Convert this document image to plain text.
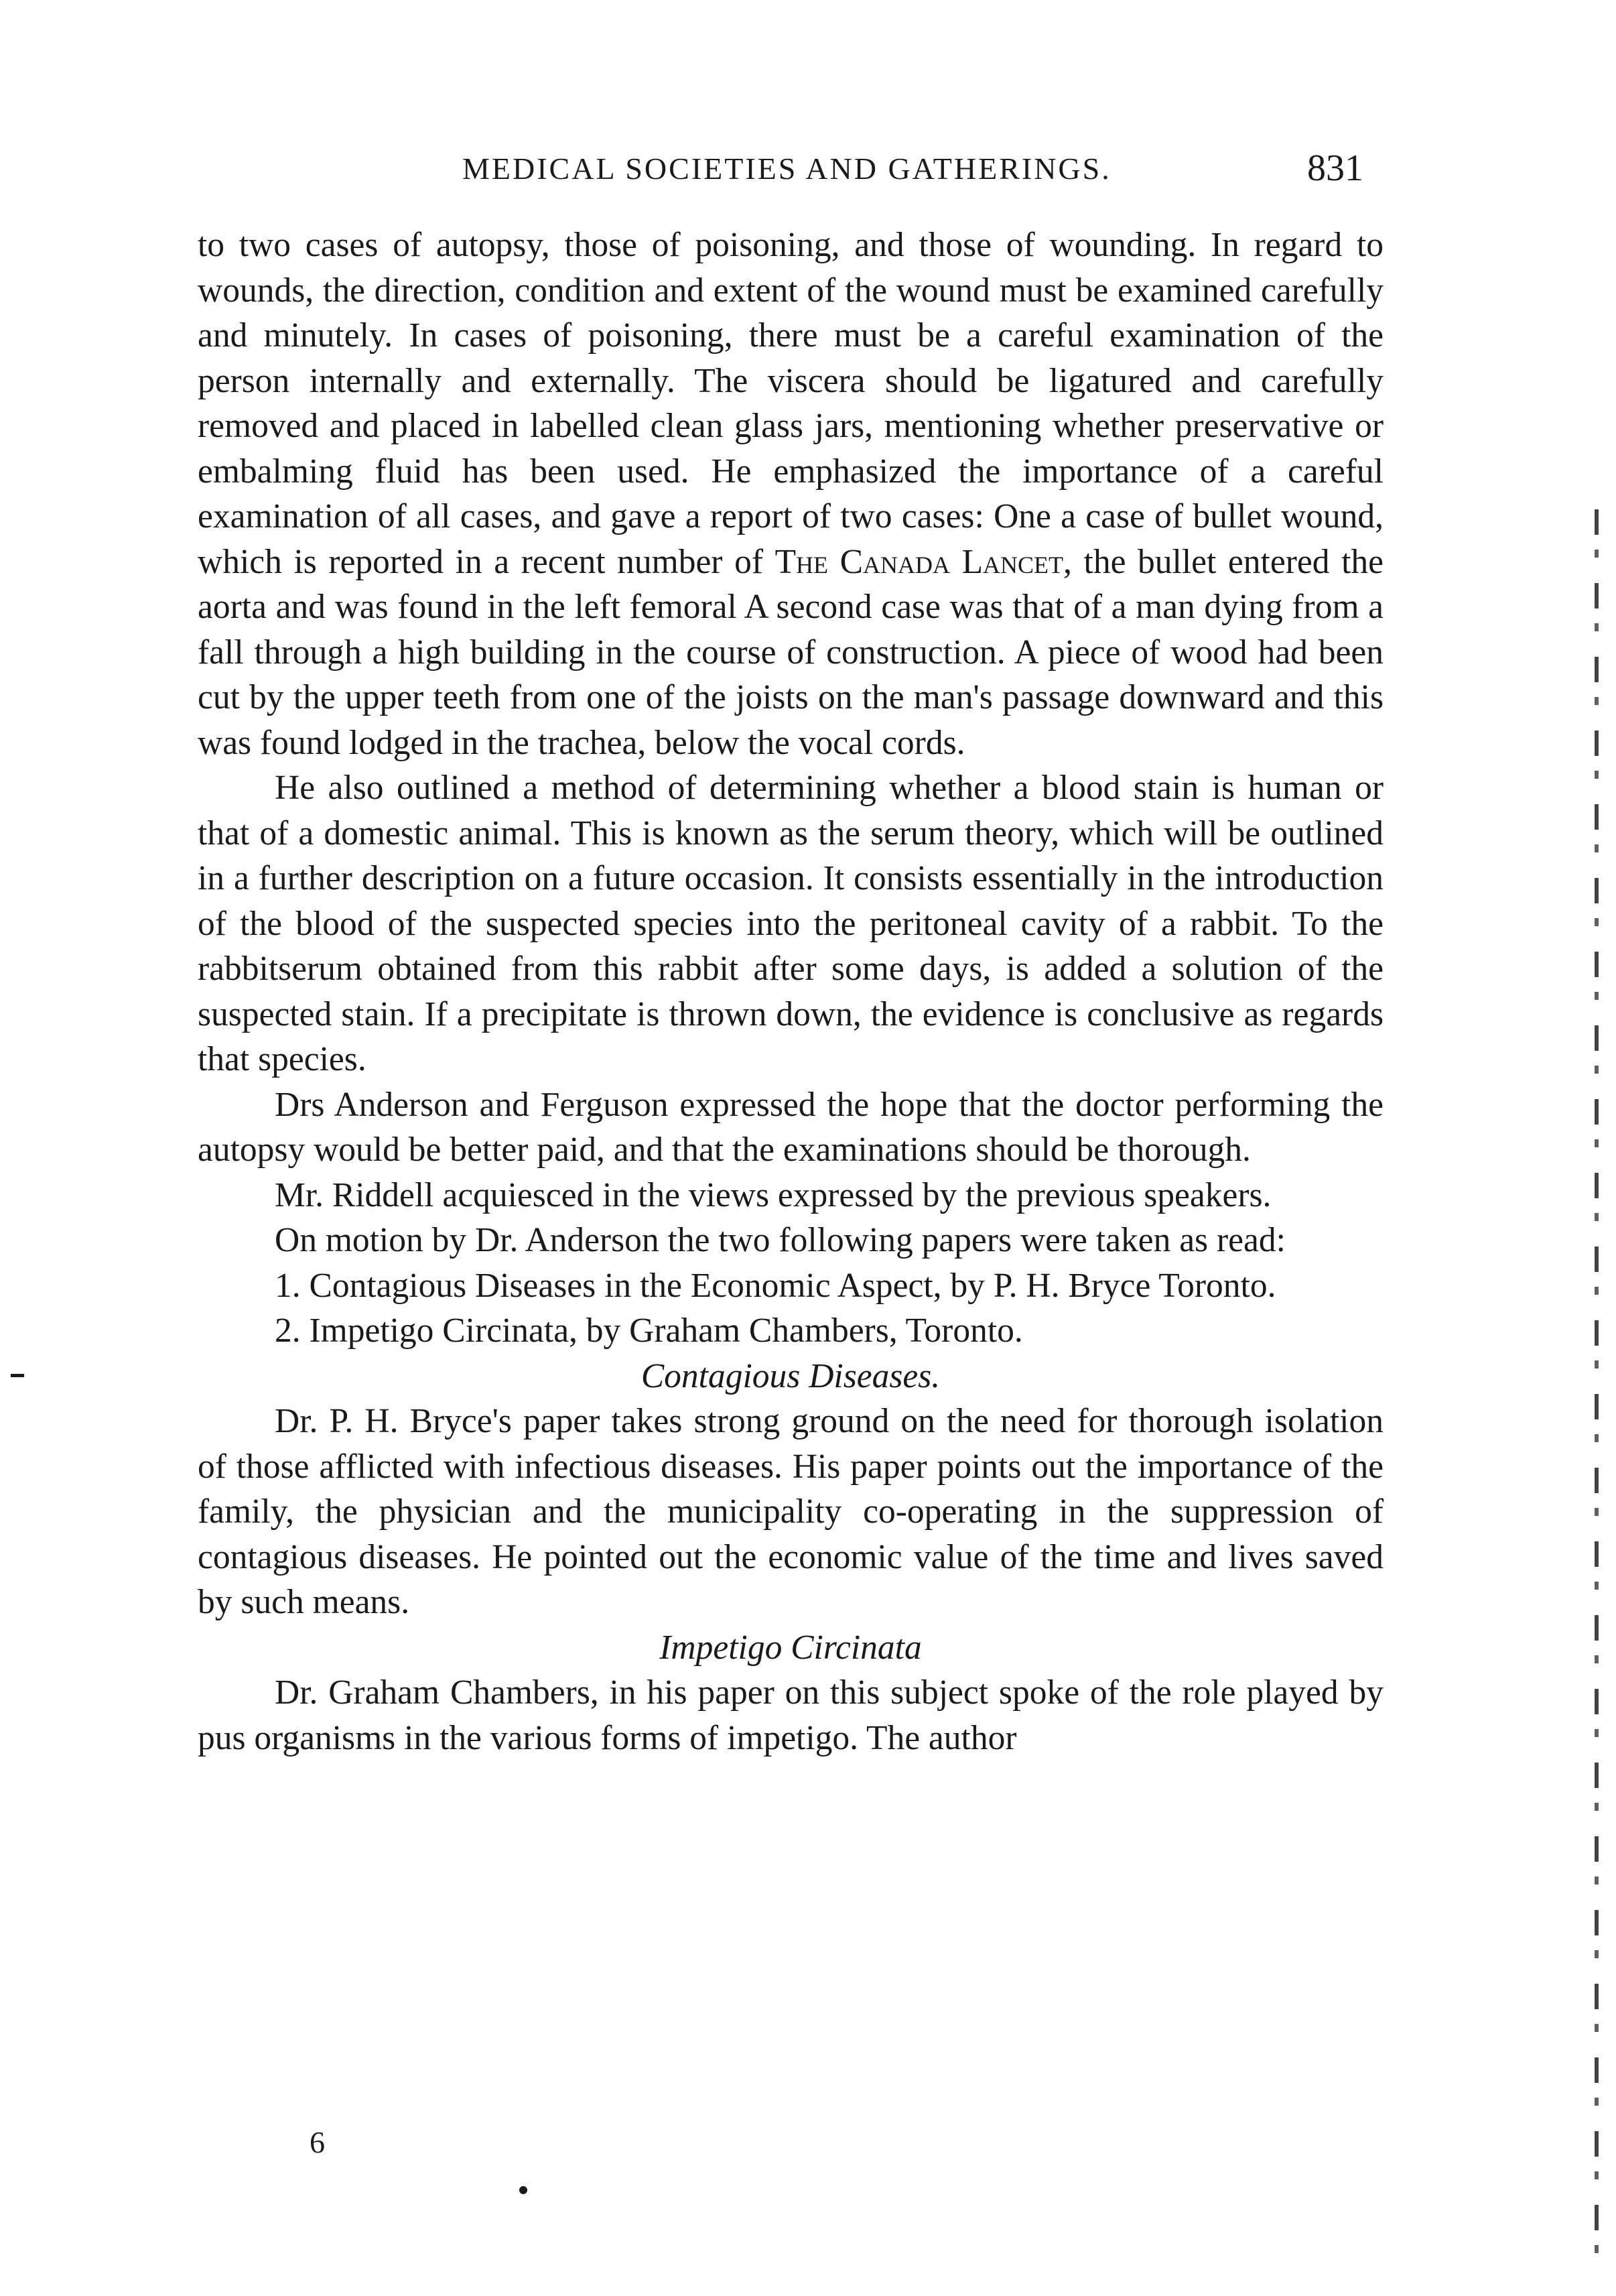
MEDICAL SOCIETIES AND GATHERINGS.	831

to two cases of autopsy, those of poisoning, and those of wounding. In regard to wounds, the direction, condition and extent of the wound must be examined carefully and minutely. In cases of poisoning, there must be a careful examination of the person internally and externally. The viscera should be ligatured and carefully removed and placed in labelled clean glass jars, mentioning whether preservative or embalming fluid has been used. He emphasized the importance of a careful examination of all cases, and gave a report of two cases: One a case of bullet wound, which is reported in a recent number of The Canada Lancet, the bullet entered the aorta and was found in the left femoral A second case was that of a man dying from a fall through a high building in the course of construction. A piece of wood had been cut by the upper teeth from one of the joists on the man's passage downward and this was found lodged in the trachea, below the vocal cords.

He also outlined a method of determining whether a blood stain is human or that of a domestic animal. This is known as the serum theory, which will be outlined in a further description on a future occasion. It consists essentially in the introduction of the blood of the suspected species into the peritoneal cavity of a rabbit. To the rabbitserum obtained from this rabbit after some days, is added a solution of the suspected stain. If a precipitate is thrown down, the evidence is conclusive as regards that species.

Drs Anderson and Ferguson expressed the hope that the doctor performing the autopsy would be better paid, and that the examinations should be thorough.

Mr. Riddell acquiesced in the views expressed by the previous speakers.

On motion by Dr. Anderson the two following papers were taken as read:

1. Contagious Diseases in the Economic Aspect, by P. H. Bryce Toronto.

2. Impetigo Circinata, by Graham Chambers, Toronto.

Contagious Diseases.

Dr. P. H. Bryce's paper takes strong ground on the need for thorough isolation of those afflicted with infectious diseases. His paper points out the importance of the family, the physician and the municipality co-operating in the suppression of contagious diseases. He pointed out the economic value of the time and lives saved by such means.

Impetigo Circinata

Dr. Graham Chambers, in his paper on this subject spoke of the role played by pus organisms in the various forms of impetigo. The author

6
